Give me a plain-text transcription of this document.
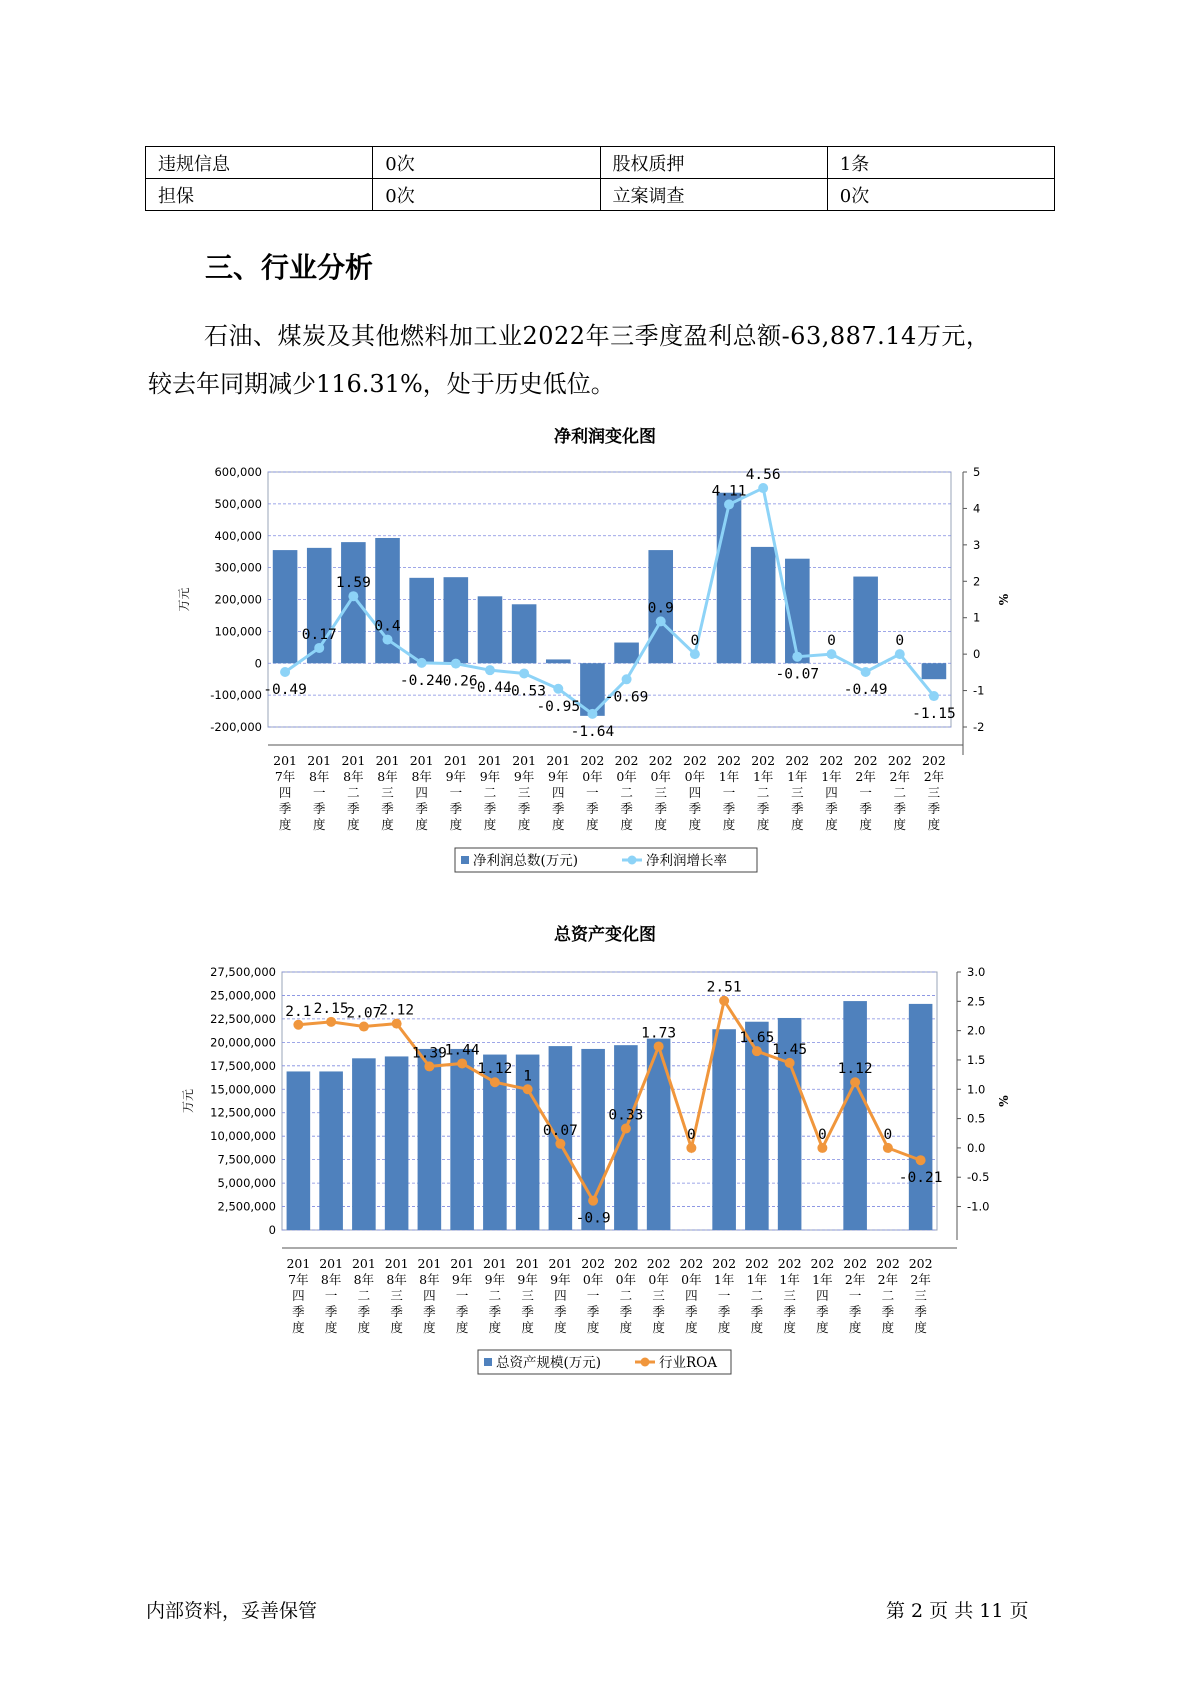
违规信息	0次	股权质押	1条
担保	0次	立案调查	0次
三、行业分析
石油、煤炭及其他燃料加工业2022年三季度盈利总额-63,887.14万元，
较去年同期减少116.31%，处于历史低位。
净利润变化图
600,000
500,000
400,000
300,000
200,000
100,000
0
-100,000
-200,000
5
4
3
2
1
0
-1
-2
万元	%
201
7年
四
季
度
201
8年
一
季
度
201
8年
二
季
度
201
8年
三
季
度
201
8年
四
季
度
201
9年
一
季
度
201
9年
二
季
度
201
9年
三
季
度
201
9年
四
季
度
202
0年
一
季
度
202
0年
二
季
度
202
0年
三
季
度
202
0年
四
季
度
202
1年
一
季
度
202
1年
二
季
度
202
1年
三
季
度
202
1年
四
季
度
202
2年
一
季
度
202
2年
二
季
度
202
2年
三
季
度
-0.49
0.17
1.59
0.4
-0.24
-0.26
-0.44
-0.53
-0.95
-1.64
-0.69
0.9
0
4.11
4.56
-0.07
0
-0.49
0
-1.15
净利润总数(万元)	净利润增长率
总资产变化图
27,500,000
25,000,000
22,500,000
20,000,000
17,500,000
15,000,000
12,500,000
10,000,000
7,500,000
5,000,000
2,500,000
0
3.0
2.5
2.0
1.5
1.0
0.5
0.0
-0.5
-1.0
万元	%
201
7年
四
季
度
201
8年
一
季
度
201
8年
二
季
度
201
8年
三
季
度
201
8年
四
季
度
201
9年
一
季
度
201
9年
二
季
度
201
9年
三
季
度
201
9年
四
季
度
202
0年
一
季
度
202
0年
二
季
度
202
0年
三
季
度
202
0年
四
季
度
202
1年
一
季
度
202
1年
二
季
度
202
1年
三
季
度
202
1年
四
季
度
202
2年
一
季
度
202
2年
二
季
度
202
2年
三
季
度
2.1 2.15
2.07
2.12
1.39
1.44
1.12 1
0.07
-0.9
0.33
1.73
0
2.51
1.65
1.45
0
1.12
0
-0.21
总资产规模(万元)	行业ROA
内部资料，妥善保管	第 2 页 共 11 页
